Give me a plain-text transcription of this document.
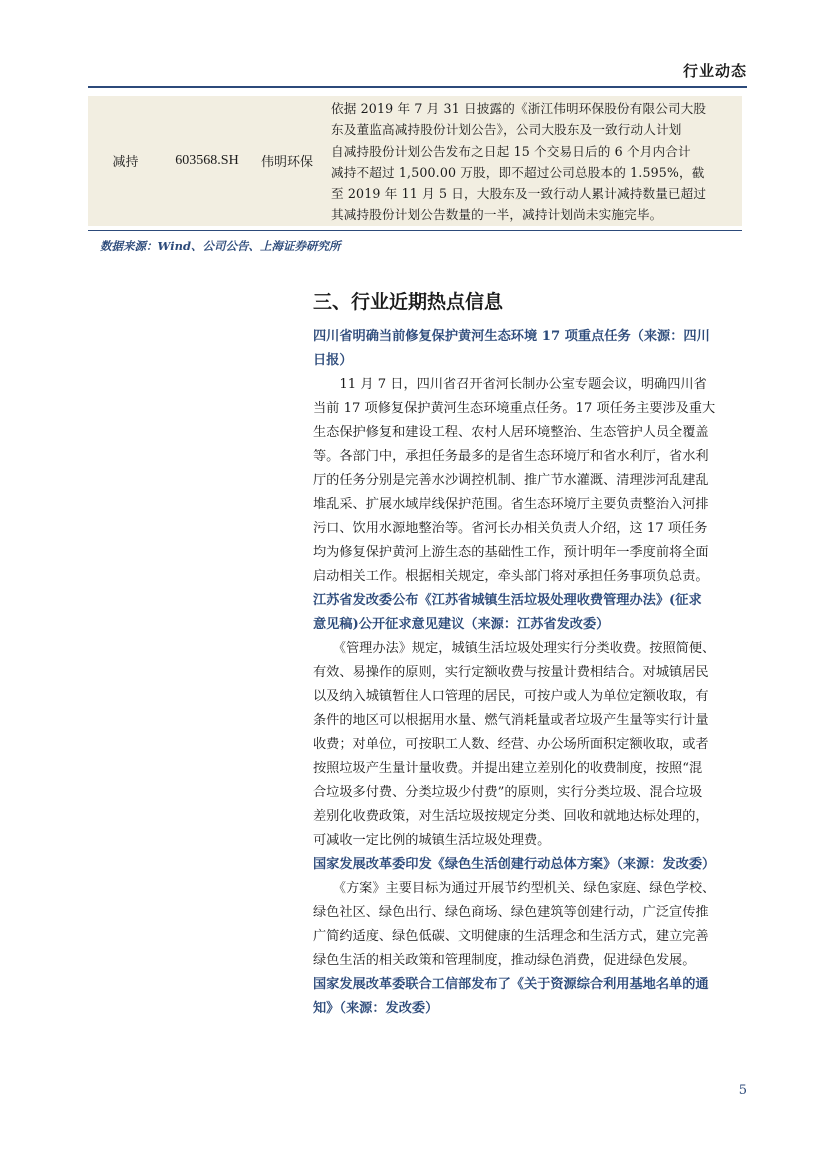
行业动态
减持	603568.SH	伟明环保	
依据 2019 年 7 月 31 日披露的《浙江伟明环保股份有限公司大股
东及董监高减持股份计划公告》，公司大股东及一致行动人计划
自减持股份计划公告发布之日起 15 个交易日后的 6 个月内合计
减持不超过 1,500.00 万股，即不超过公司总股本的 1.595%，截
至 2019 年 11 月 5 日，大股东及一致行动人累计减持数量已超过
其减持股份计划公告数量的一半，减持计划尚未实施完毕。
数据来源：Wind、公司公告、上海证券研究所
三、行业近期热点信息
四川省明确当前修复保护黄河生态环境 17 项重点任务（来源：四川
日报）
　　11 月 7 日，四川省召开省河长制办公室专题会议，明确四川省
当前 17 项修复保护黄河生态环境重点任务。17 项任务主要涉及重大
生态保护修复和建设工程、农村人居环境整治、生态管护人员全覆盖
等。各部门中，承担任务最多的是省生态环境厅和省水利厅，省水利
厅的任务分别是完善水沙调控机制、推广节水灌溉、清理涉河乱建乱
堆乱采、扩展水域岸线保护范围。省生态环境厅主要负责整治入河排
污口、饮用水源地整治等。省河长办相关负责人介绍，这 17 项任务
均为修复保护黄河上游生态的基础性工作，预计明年一季度前将全面
启动相关工作。根据相关规定，牵头部门将对承担任务事项负总责。
江苏省发改委公布《江苏省城镇生活垃圾处理收费管理办法》(征求
意见稿)公开征求意见建议（来源：江苏省发改委）
　　《管理办法》规定，城镇生活垃圾处理实行分类收费。按照简便、
有效、易操作的原则，实行定额收费与按量计费相结合。对城镇居民
以及纳入城镇暂住人口管理的居民，可按户或人为单位定额收取，有
条件的地区可以根据用水量、燃气消耗量或者垃圾产生量等实行计量
收费；对单位，可按职工人数、经营、办公场所面积定额收取，或者
按照垃圾产生量计量收费。并提出建立差别化的收费制度，按照“混
合垃圾多付费、分类垃圾少付费”的原则，实行分类垃圾、混合垃圾
差别化收费政策，对生活垃圾按规定分类、回收和就地达标处理的，
可减收一定比例的城镇生活垃圾处理费。
国家发展改革委印发《绿色生活创建行动总体方案》（来源：发改委）
　　《方案》主要目标为通过开展节约型机关、绿色家庭、绿色学校、
绿色社区、绿色出行、绿色商场、绿色建筑等创建行动，广泛宣传推
广简约适度、绿色低碳、文明健康的生活理念和生活方式，建立完善
绿色生活的相关政策和管理制度，推动绿色消费，促进绿色发展。
国家发展改革委联合工信部发布了《关于资源综合利用基地名单的通
知》（来源：发改委）
5
